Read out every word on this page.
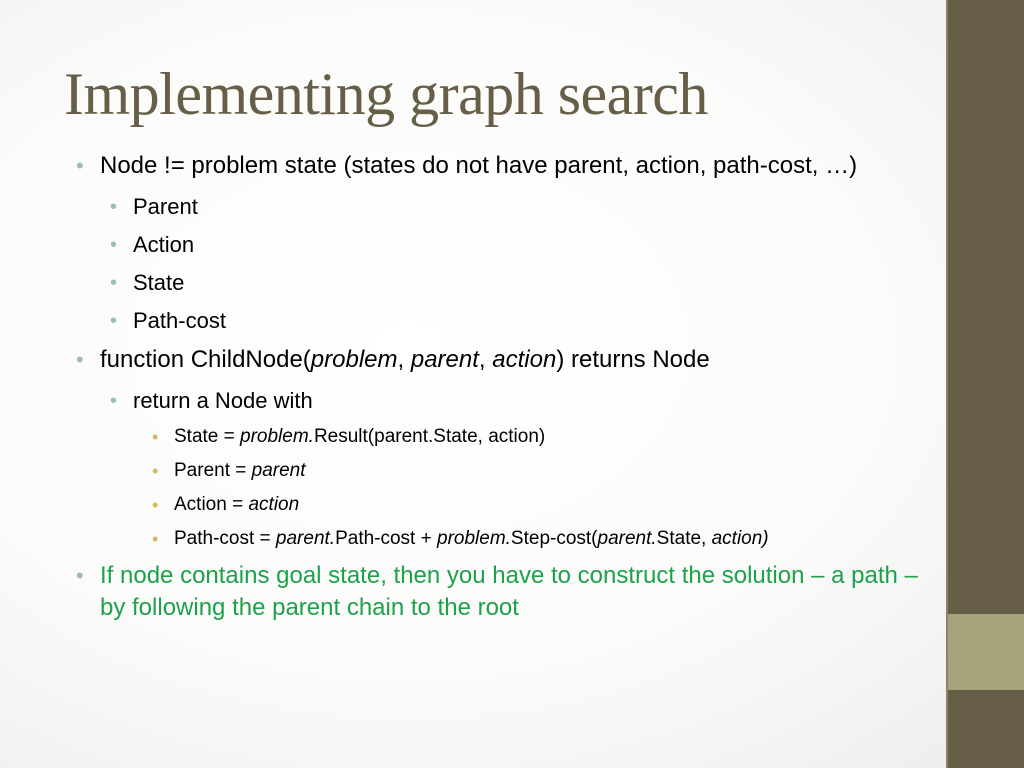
Implementing graph search
• Node != problem state (states do not have parent, action, path-cost, …)
• Parent
• Action
• State
• Path-cost
• function ChildNode(problem, parent, action) returns Node
• return a Node with
• State = problem.Result(parent.State, action)
• Parent = parent
• Action = action
• Path-cost = parent.Path-cost + problem.Step-cost(parent.State, action)
• If node contains goal state, then you have to construct the solution – a path – by following the parent chain to the root
